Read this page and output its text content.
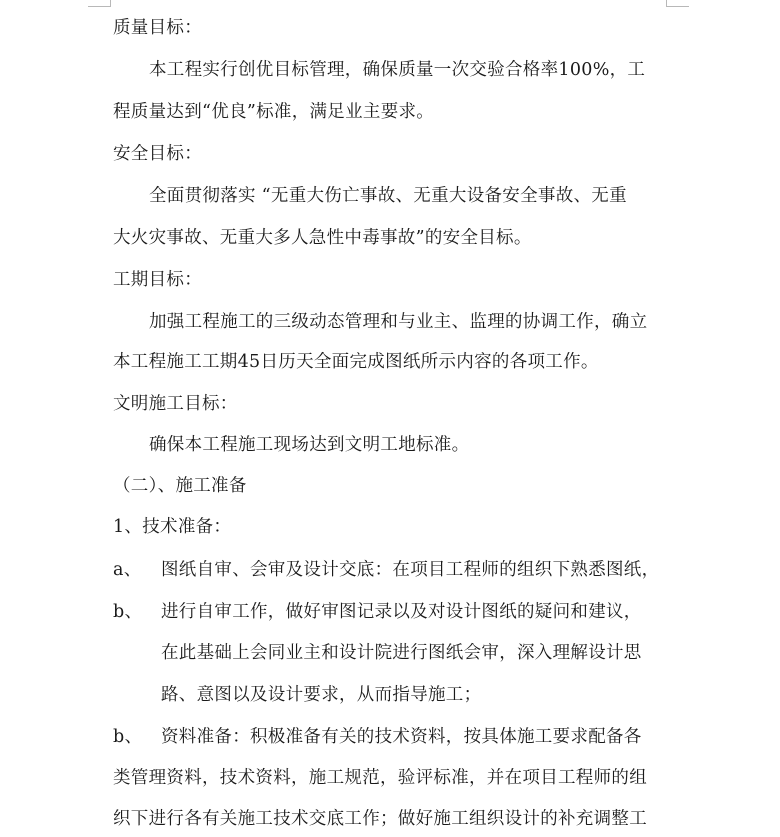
质量目标：
本工程实行创优目标管理，确保质量一次交验合格率100%，工
程质量达到“优良”标准，满足业主要求。
安全目标：
全面贯彻落实 “无重大伤亡事故、无重大设备安全事故、无重
大火灾事故、无重大多人急性中毒事故”的安全目标。
工期目标：
加强工程施工的三级动态管理和与业主、监理的协调工作，确立
本工程施工工期45日历天全面完成图纸所示内容的各项工作。
文明施工目标：
确保本工程施工现场达到文明工地标准。
（二）、施工准备
1、技术准备：
a、 图纸自审、会审及设计交底：在项目工程师的组织下熟悉图纸，
b、 进行自审工作，做好审图记录以及对设计图纸的疑问和建议，
在此基础上会同业主和设计院进行图纸会审，深入理解设计思
路、意图以及设计要求，从而指导施工；
b、 资料准备：积极准备有关的技术资料，按具体施工要求配备各
类管理资料，技术资料，施工规范，验评标准，并在项目工程师的组
织下进行各有关施工技术交底工作；做好施工组织设计的补充调整工
